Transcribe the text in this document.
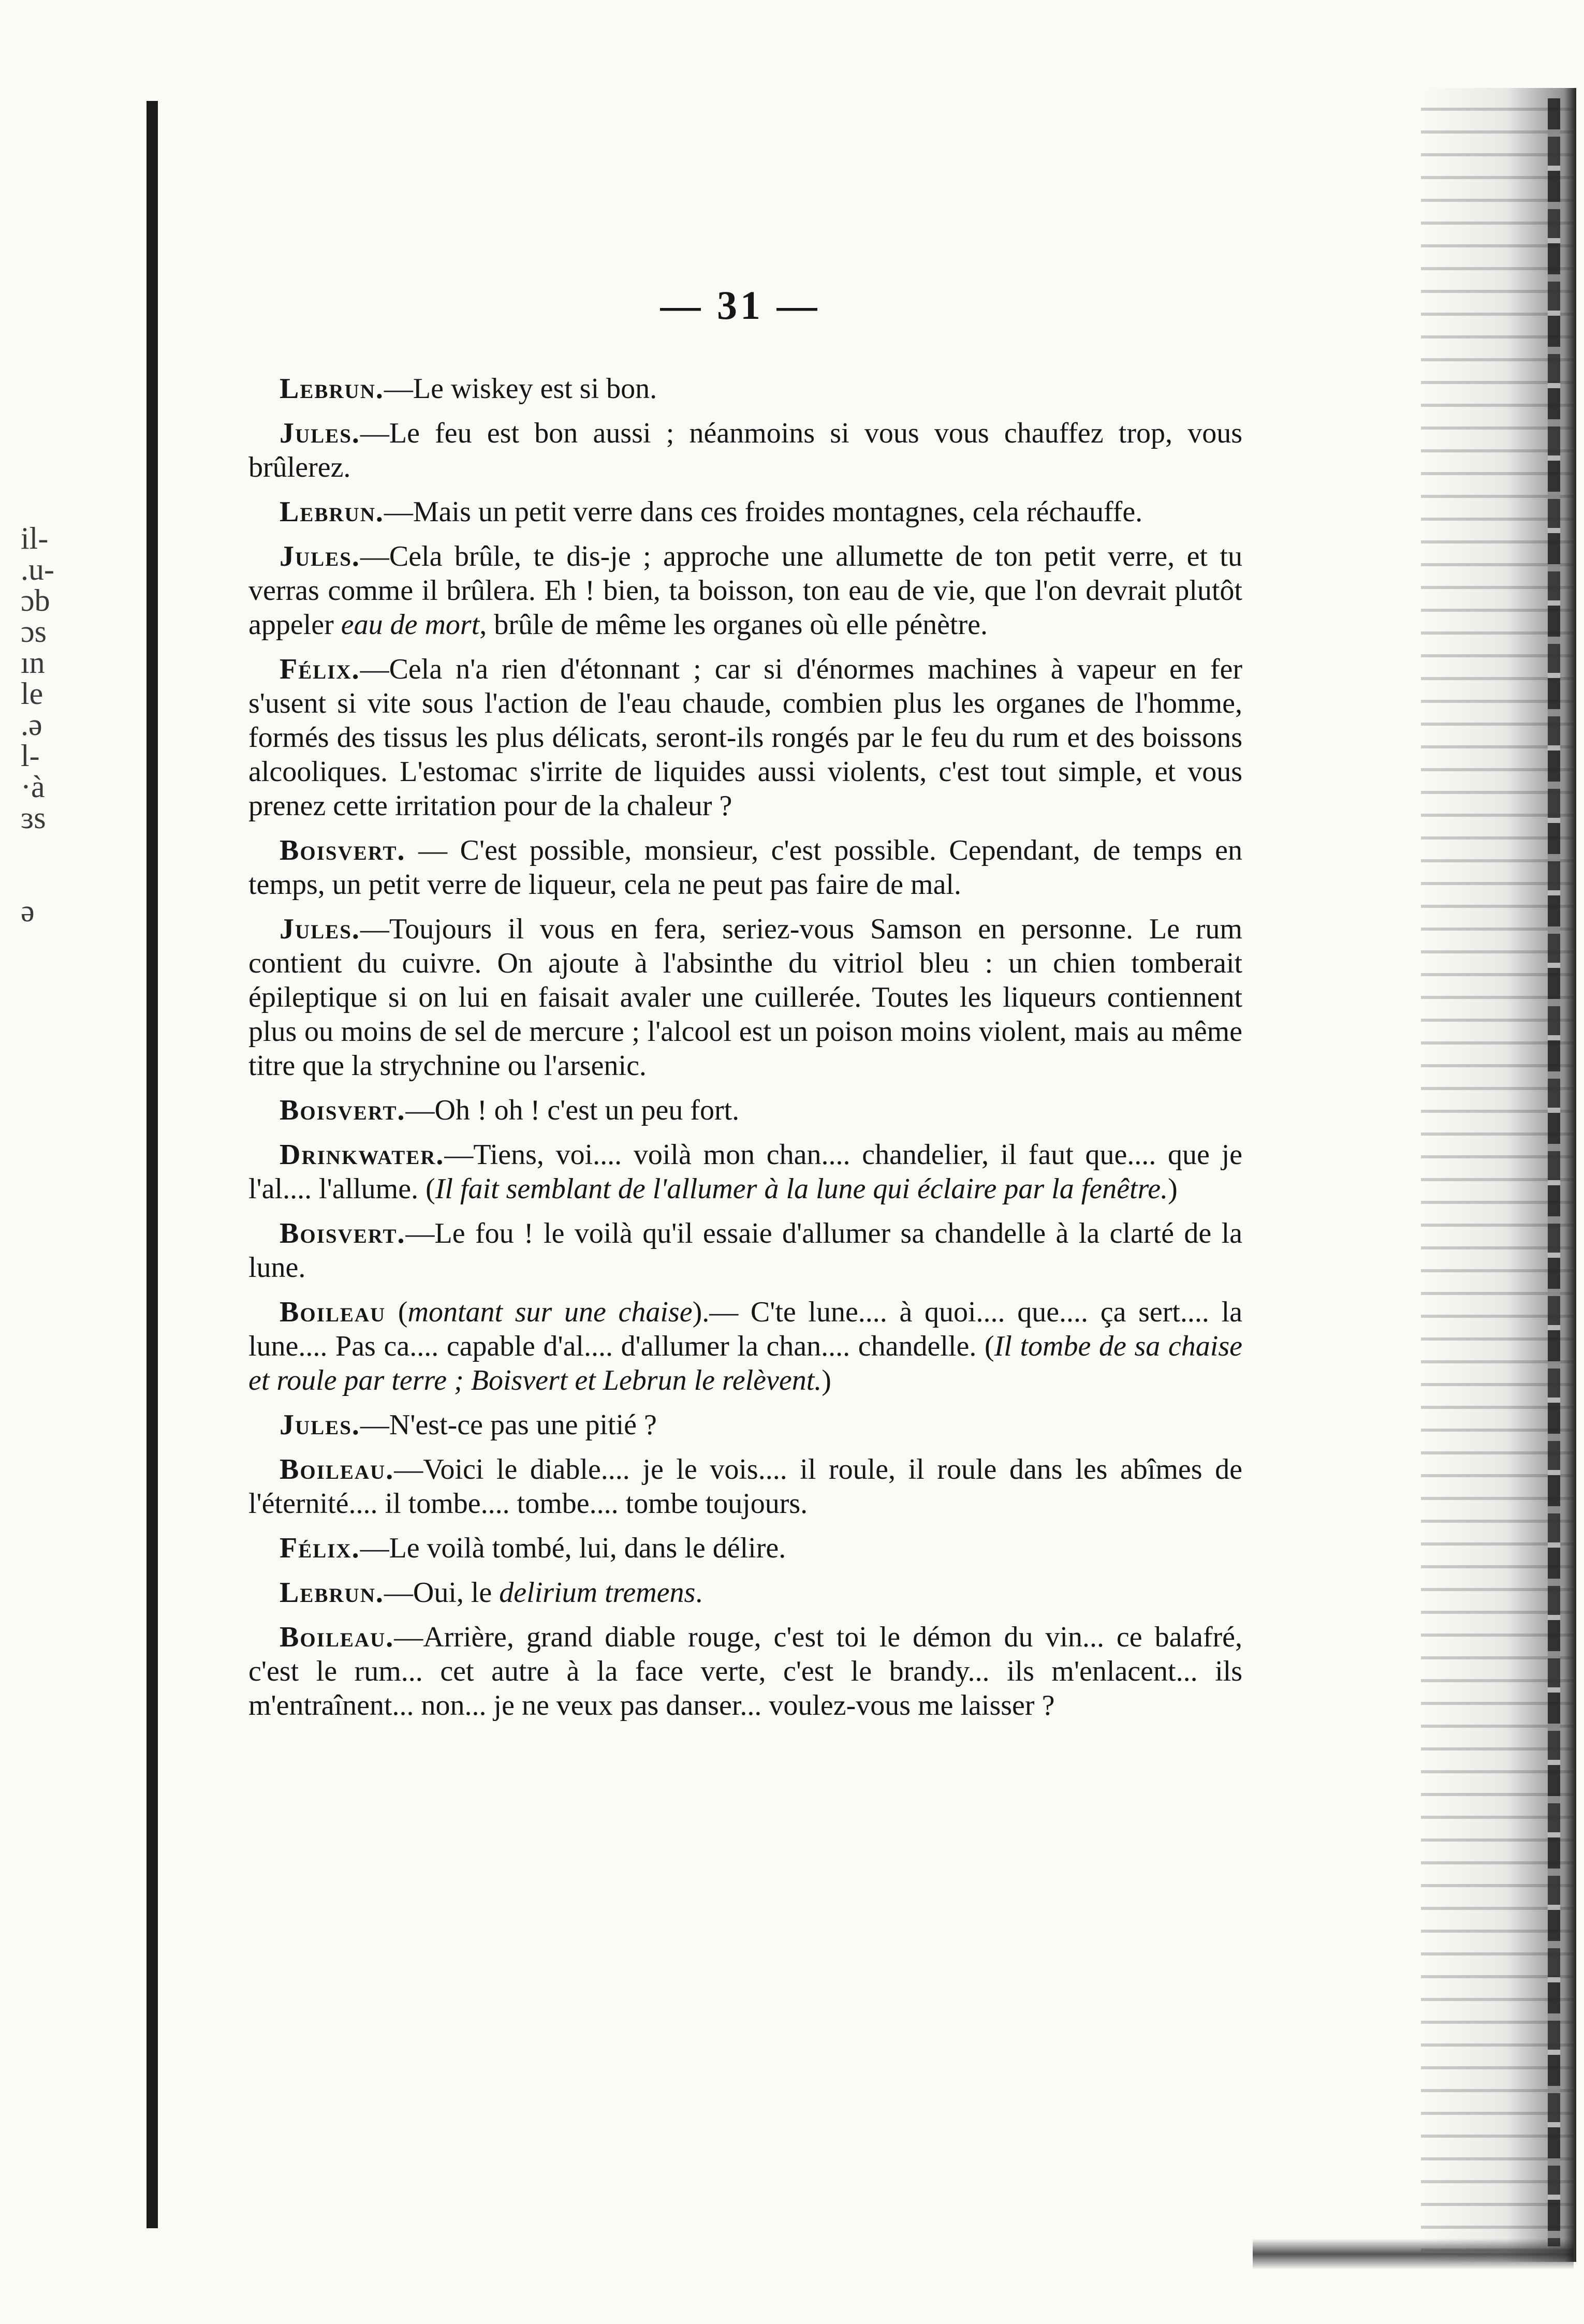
il-
.u-
ɔb
ɔs
ın
le
.ə
l-
·à
ɜs
ə
— 31 —

Lebrun.—Le wiskey est si bon.

Jules.—Le feu est bon aussi ; néanmoins si vous vous chauffez trop, vous brûlerez.

Lebrun.—Mais un petit verre dans ces froides montagnes, cela réchauffe.

Jules.—Cela brûle, te dis-je ; approche une allumette de ton petit verre, et tu verras comme il brûlera. Eh ! bien, ta boisson, ton eau de vie, que l'on devrait plutôt appeler eau de mort, brûle de même les organes où elle pénètre.

Félix.—Cela n'a rien d'étonnant ; car si d'énormes machines à vapeur en fer s'usent si vite sous l'action de l'eau chaude, combien plus les organes de l'homme, formés des tissus les plus délicats, seront-ils rongés par le feu du rum et des boissons alcooliques. L'estomac s'irrite de liquides aussi violents, c'est tout simple, et vous prenez cette irritation pour de la chaleur ?

Boisvert. — C'est possible, monsieur, c'est possible. Cependant, de temps en temps, un petit verre de liqueur, cela ne peut pas faire de mal.

Jules.—Toujours il vous en fera, seriez-vous Samson en personne. Le rum contient du cuivre. On ajoute à l'absinthe du vitriol bleu : un chien tomberait épileptique si on lui en faisait avaler une cuillerée. Toutes les liqueurs contiennent plus ou moins de sel de mercure ; l'alcool est un poison moins violent, mais au même titre que la strychnine ou l'arsenic.

Boisvert.—Oh ! oh ! c'est un peu fort.

Drinkwater.—Tiens, voi.... voilà mon chan.... chandelier, il faut que.... que je l'al.... l'allume. (Il fait semblant de l'allumer à la lune qui éclaire par la fenêtre.)

Boisvert.—Le fou ! le voilà qu'il essaie d'allumer sa chandelle à la clarté de la lune.

Boileau (montant sur une chaise).— C'te lune.... à quoi.... que.... ça sert.... la lune.... Pas ca.... capable d'al.... d'allumer la chan.... chandelle. (Il tombe de sa chaise et roule par terre ; Boisvert et Lebrun le relèvent.)

Jules.—N'est-ce pas une pitié ?

Boileau.—Voici le diable.... je le vois.... il roule, il roule dans les abîmes de l'éternité.... il tombe.... tombe.... tombe toujours.

Félix.—Le voilà tombé, lui, dans le délire.

Lebrun.—Oui, le delirium tremens.

Boileau.—Arrière, grand diable rouge, c'est toi le démon du vin... ce balafré, c'est le rum... cet autre à la face verte, c'est le brandy... ils m'enlacent... ils m'entraînent... non... je ne veux pas danser... voulez-vous me laisser ?
